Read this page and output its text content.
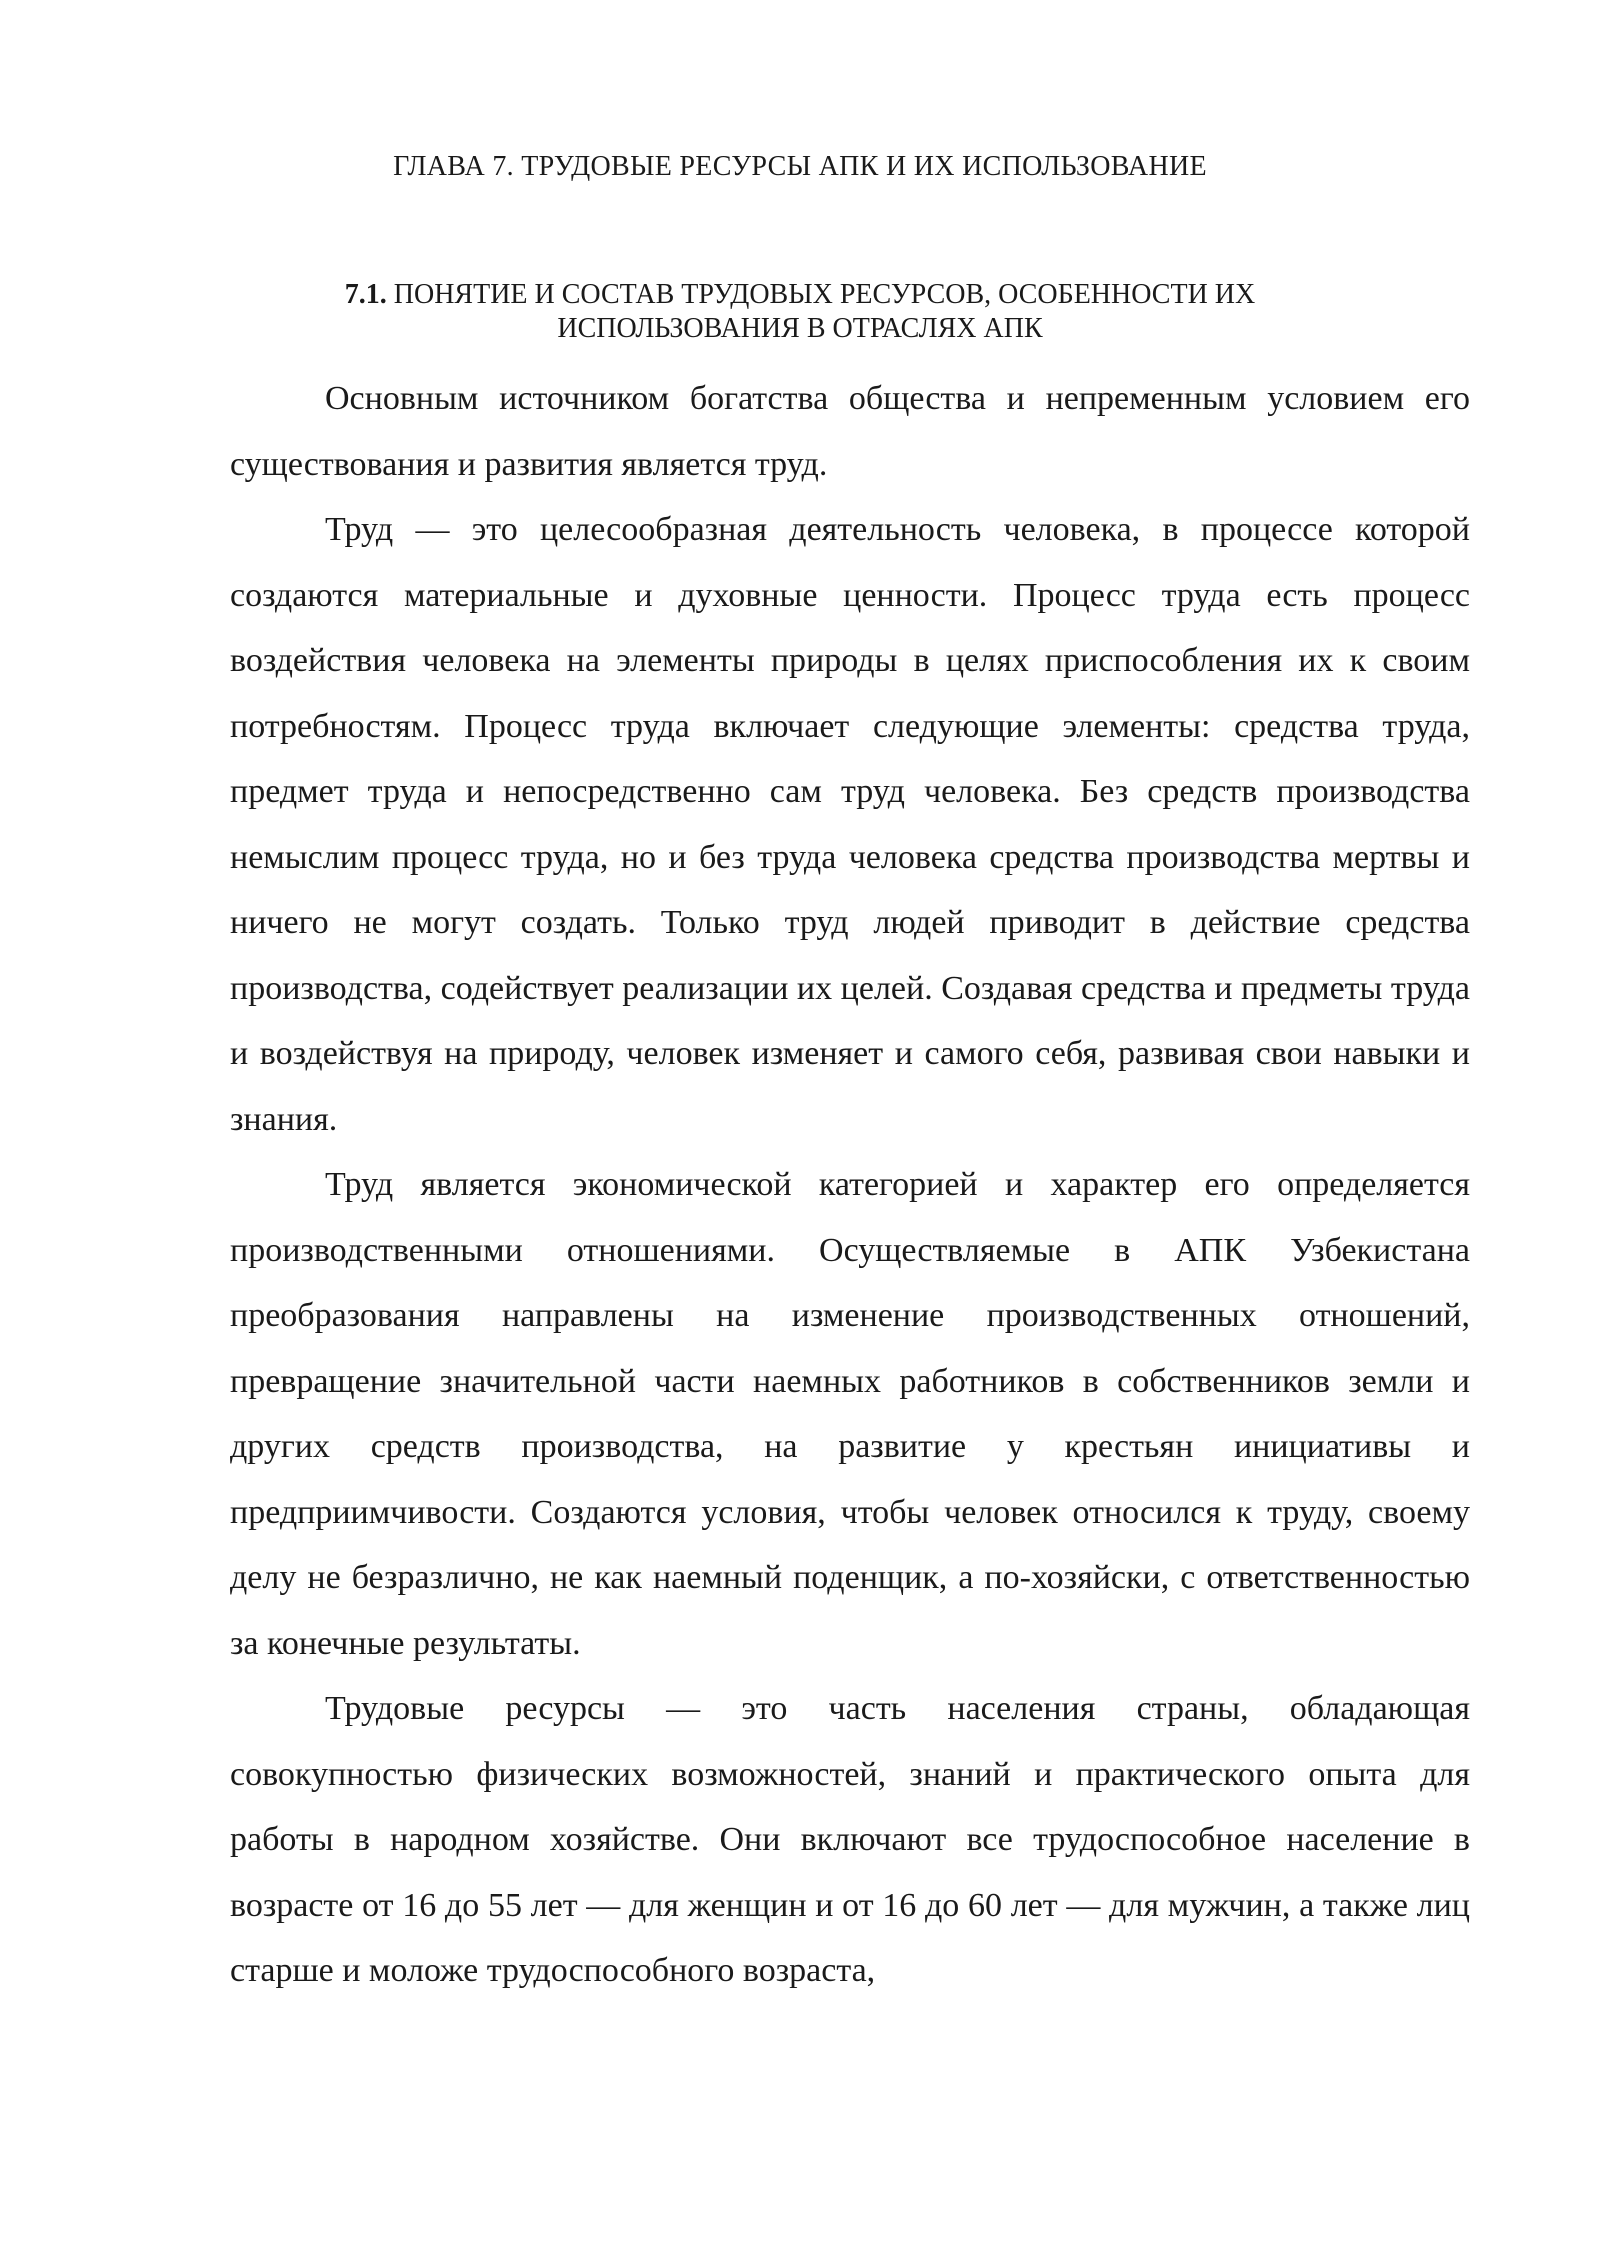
ГЛАВА 7. ТРУДОВЫЕ РЕСУРСЫ АПК И ИХ ИСПОЛЬЗОВАНИЕ
7.1. ПОНЯТИЕ И СОСТАВ ТРУДОВЫХ РЕСУРСОВ, ОСОБЕННОСТИ ИХ
ИСПОЛЬЗОВАНИЯ В ОТРАСЛЯХ АПК

Основным источником богатства общества и непременным условием его существования и развития является труд.

Труд — это целесообразная деятельность человека, в процессе которой создаются материальные и духовные ценности. Процесс труда есть процесс воздействия человека на элементы природы в целях приспособления их к своим потребностям. Процесс труда включает следующие элементы: средства труда, предмет труда и непосредственно сам труд человека. Без средств производства немыслим процесс труда, но и без труда человека средства производства мертвы и ничего не могут создать. Только труд людей приводит в действие средства производства, содействует реализации их целей. Создавая средства и предметы труда и воздействуя на природу, человек изменяет и самого себя, развивая свои навыки и знания.

Труд является экономической категорией и характер его определяется производственными отношениями. Осуществляемые в АПК Узбекистана преобразования направлены на изменение производственных отношений, превращение значительной части наемных работников в собственников земли и других средств производства, на развитие у крестьян инициативы и предприимчивости. Создаются условия, чтобы человек относился к труду, своему делу не безразлично, не как наемный поденщик, а по-хозяйски, с ответственностью за конечные результаты.

Трудовые ресурсы — это часть населения страны, обладающая совокупностью физических возможностей, знаний и практического опыта для работы в народном хозяйстве. Они включают все трудоспособное население в возрасте от 16 до 55 лет — для женщин и от 16 до 60 лет — для мужчин, а также лиц старше и моложе трудоспособного возраста,
